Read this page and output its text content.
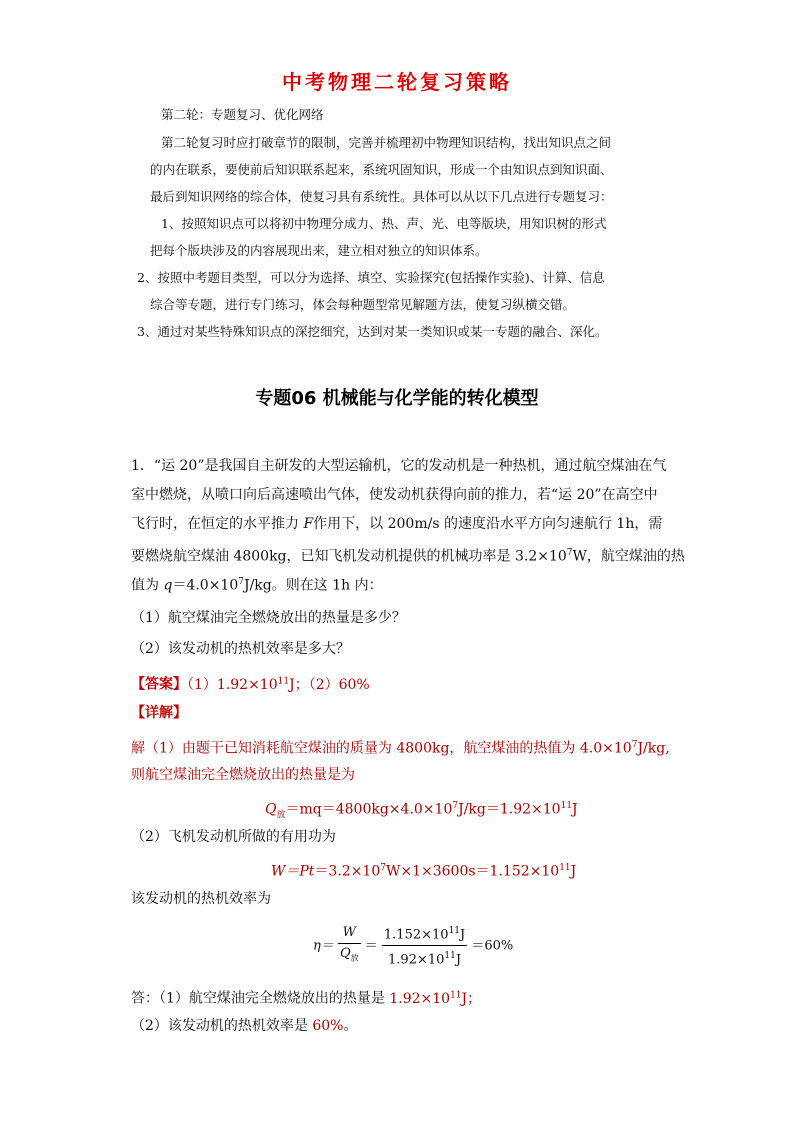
中考物理二轮复习策略
第二轮：专题复习、优化网络
第二轮复习时应打破章节的限制，完善并梳理初中物理知识结构，找出知识点之间
的内在联系，要使前后知识联系起来，系统巩固知识，形成一个由知识点到知识面、
最后到知识网络的综合体，使复习具有系统性。具体可以从以下几点进行专题复习：
1、按照知识点可以将初中物理分成力、热、声、光、电等版块，用知识树的形式
把每个版块涉及的内容展现出来，建立相对独立的知识体系。
2、按照中考题目类型，可以分为选择、填空、实验探究(包括操作实验)、计算、信息
综合等专题，进行专门练习，体会每种题型常见解题方法，使复习纵横交错。
3、通过对某些特殊知识点的深挖细究，达到对某一类知识或某一专题的融合、深化。
专题06 机械能与化学能的转化模型
1．“运 20”是我国自主研发的大型运输机，它的发动机是一种热机，通过航空煤油在气
室中燃烧，从喷口向后高速喷出气体，使发动机获得向前的推力，若“运 20”在高空中
飞行时，在恒定的水平推力 F作用下，以 200m/s 的速度沿水平方向匀速航行 1h，需
要燃烧航空煤油 4800kg，已知飞机发动机提供的机械功率是 $3.2\times 10^7W$，航空煤油的热
值为 $q=4.0\times 10^7J/kg$。则在这 1h 内：
（1）航空煤油完全燃烧放出的热量是多少？
（2）该发动机的热机效率是多大？
【答案】$(1)1.92\times 10^{11}J$；（2）60%
【详解】
解（1）由题干已知消耗航空煤油的质量为 4800kg，航空煤油的热值为 $4.0\times 10^7J/kg$,
则航空煤油完全燃烧放出的热量是为
$Q_放=mq=4800kg\times 4.0\times 10^7J/kg=1.92\times 10^{11}J$
（2）飞机发动机所做的有用功为
$W=Pt=3.2\times 10^7W\times 1\times 3600s=1.152\times 10^{11}J$
该发动机的热机效率为
$\eta= \frac{W}{Q_放} = \frac{1.152\times 10^{11}J}{1.92\times 10^{11}J} =60\%$
答：（1）航空煤油完全燃烧放出的热量是 $1.92\times 10^{11}J$；
（2）该发动机的热机效率是 60%。
